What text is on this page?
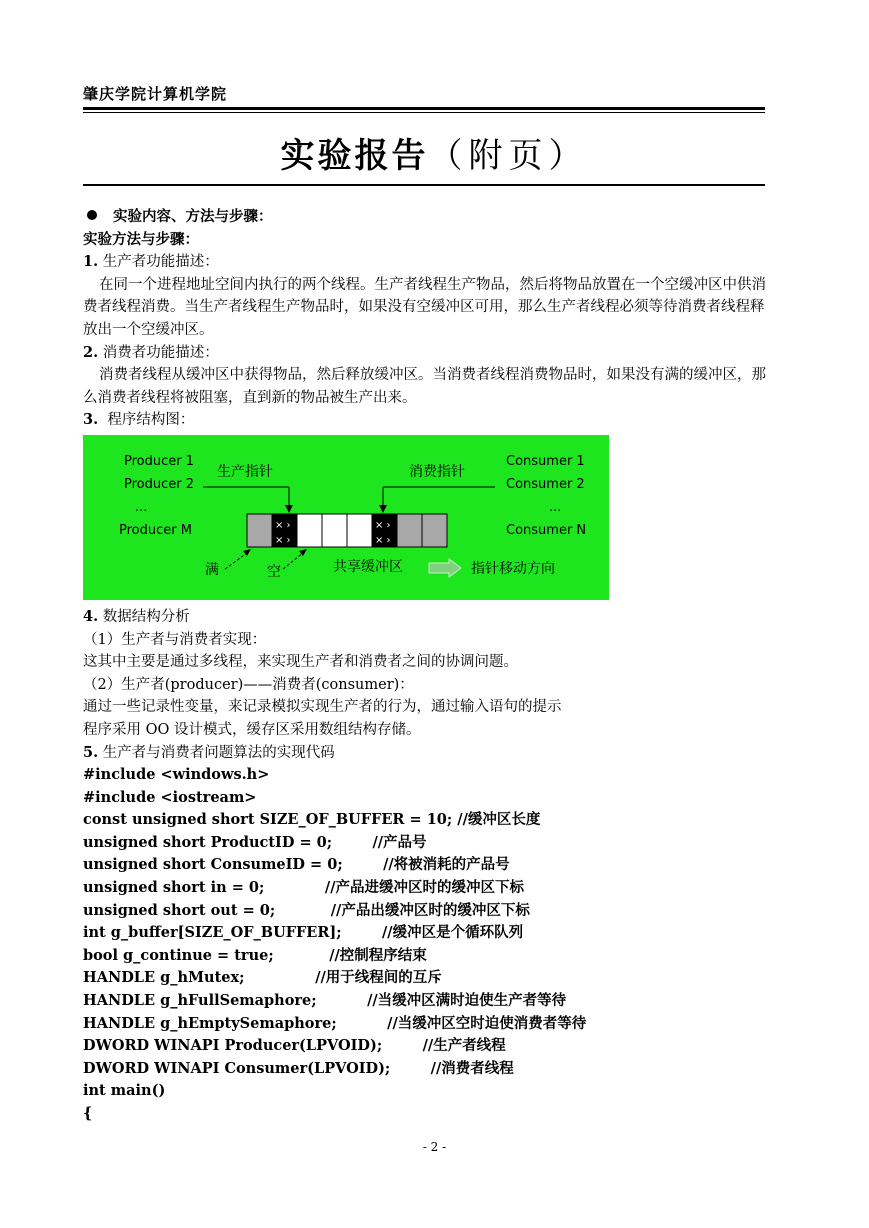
肇庆学院计算机学院
实验报告（附页）

实验内容、方法与步骤：

实验方法与步骤：

1. 生产者功能描述：

在同一个进程地址空间内执行的两个线程。生产者线程生产物品，然后将物品放置在一个空缓冲区中供消费者线程消费。当生产者线程生产物品时，如果没有空缓冲区可用，那么生产者线程必须等待消费者线程释放出一个空缓冲区。

2. 消费者功能描述：

消费者线程从缓冲区中获得物品，然后释放缓冲区。当消费者线程消费物品时，如果没有满的缓冲区，那么消费者线程将被阻塞，直到新的物品被生产出来。

3. 程序结构图：

× ›
× ›
× ›
× ›
Producer 1
Producer 2
...
Producer M
Consumer 1
Consumer 2
...
Consumer N
生产指针	消费指针
满	空	共享缓冲区	指针移动方向

4. 数据结构分析

（1）生产者与消费者实现：

这其中主要是通过多线程，来实现生产者和消费者之间的协调问题。

（2）生产者(producer)——消费者(consumer)：

通过一些记录性变量，来记录模拟实现生产者的行为，通过输入语句的提示

程序采用 OO 设计模式，缓存区采用数组结构存储。

5. 生产者与消费者问题算法的实现代码

#include <windows.h>

#include <iostream>

const unsigned short SIZE_OF_BUFFER = 10; //缓冲区长度

unsigned short ProductID = 0;        //产品号

unsigned short ConsumeID = 0;        //将被消耗的产品号

unsigned short in = 0;            //产品进缓冲区时的缓冲区下标

unsigned short out = 0;           //产品出缓冲区时的缓冲区下标

int g_buffer[SIZE_OF_BUFFER];        //缓冲区是个循环队列

bool g_continue = true;           //控制程序结束

HANDLE g_hMutex;              //用于线程间的互斥

HANDLE g_hFullSemaphore;          //当缓冲区满时迫使生产者等待

HANDLE g_hEmptySemaphore;          //当缓冲区空时迫使消费者等待

DWORD WINAPI Producer(LPVOID);        //生产者线程

DWORD WINAPI Consumer(LPVOID);        //消费者线程

int main()

{

- 2 -
